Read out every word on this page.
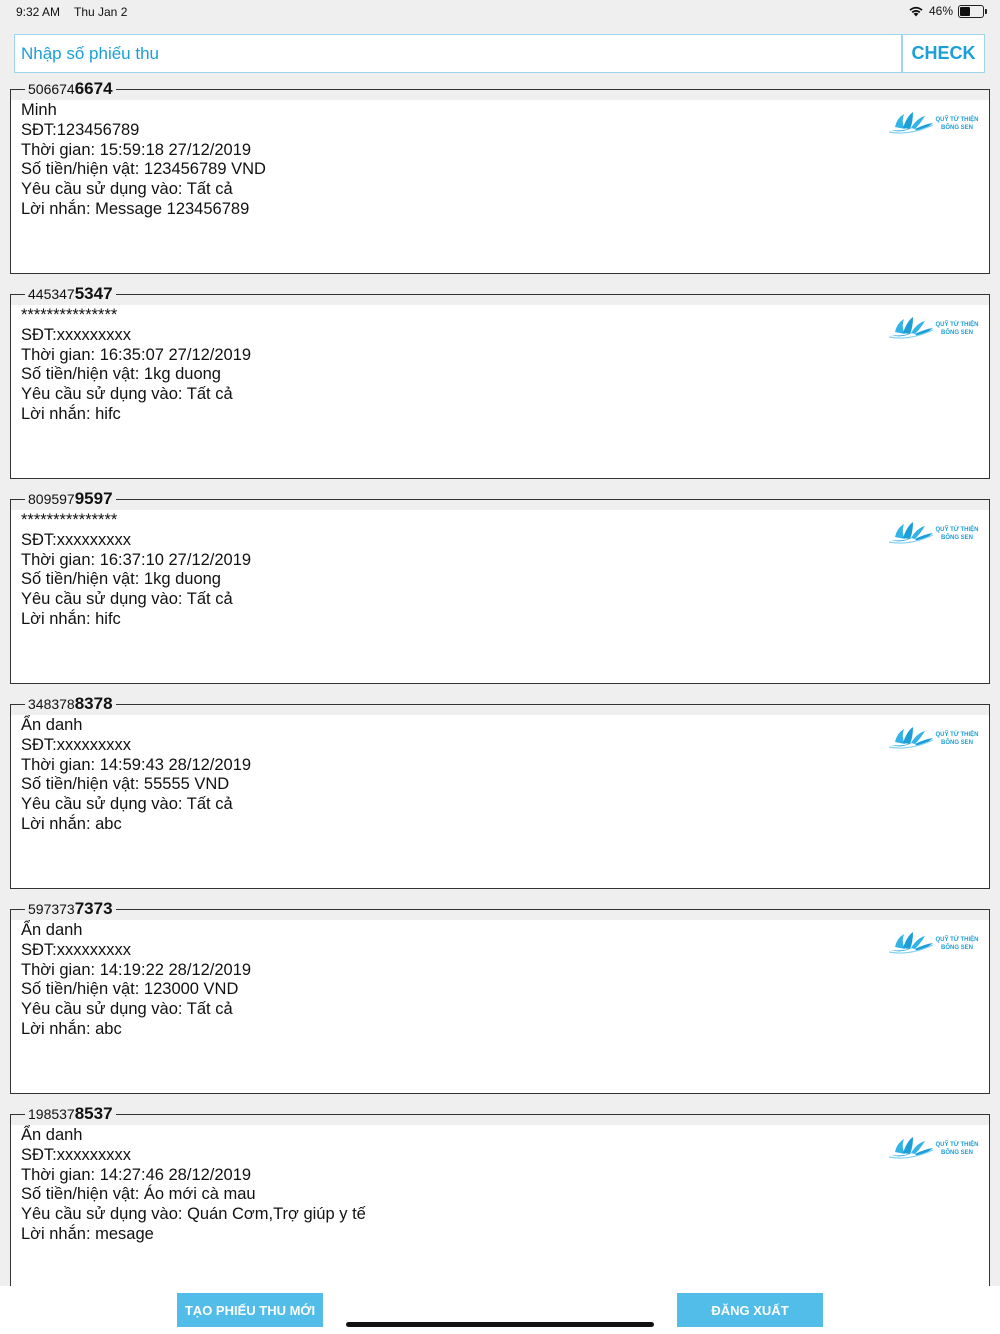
9:32 AM Thu Jan 2	46%
5066746674
Minh
SĐT:123456789
Thời gian: 15:59:18 27/12/2019
Số tiền/hiện vật: 123456789 VND
Yêu cầu sử dụng vào: Tất cả
Lời nhắn: Message 123456789
QUỸ TỪ THIỆN
BÔNG SEN
4453475347
***************
SĐT:xxxxxxxxx
Thời gian: 16:35:07 27/12/2019
Số tiền/hiện vật: 1kg duong
Yêu cầu sử dụng vào: Tất cả
Lời nhắn: hifc
QUỸ TỪ THIỆN
BÔNG SEN
8095979597
***************
SĐT:xxxxxxxxx
Thời gian: 16:37:10 27/12/2019
Số tiền/hiện vật: 1kg duong
Yêu cầu sử dụng vào: Tất cả
Lời nhắn: hifc
QUỸ TỪ THIỆN
BÔNG SEN
3483788378
Ẩn danh
SĐT:xxxxxxxxx
Thời gian: 14:59:43 28/12/2019
Số tiền/hiện vật: 55555 VND
Yêu cầu sử dụng vào: Tất cả
Lời nhắn: abc
QUỸ TỪ THIỆN
BÔNG SEN
5973737373
Ẩn danh
SĐT:xxxxxxxxx
Thời gian: 14:19:22 28/12/2019
Số tiền/hiện vật: 123000 VND
Yêu cầu sử dụng vào: Tất cả
Lời nhắn: abc
QUỸ TỪ THIỆN
BÔNG SEN
1985378537
Ẩn danh
SĐT:xxxxxxxxx
Thời gian: 14:27:46 28/12/2019
Số tiền/hiện vật: Áo mới cà mau
Yêu cầu sử dụng vào: Quán Cơm,Trợ giúp y tế
Lời nhắn: mesage
QUỸ TỪ THIỆN
BÔNG SEN
Nhập số phiếu thu
CHECK
TẠO PHIẾU THU MỚI	ĐĂNG XUẤT
